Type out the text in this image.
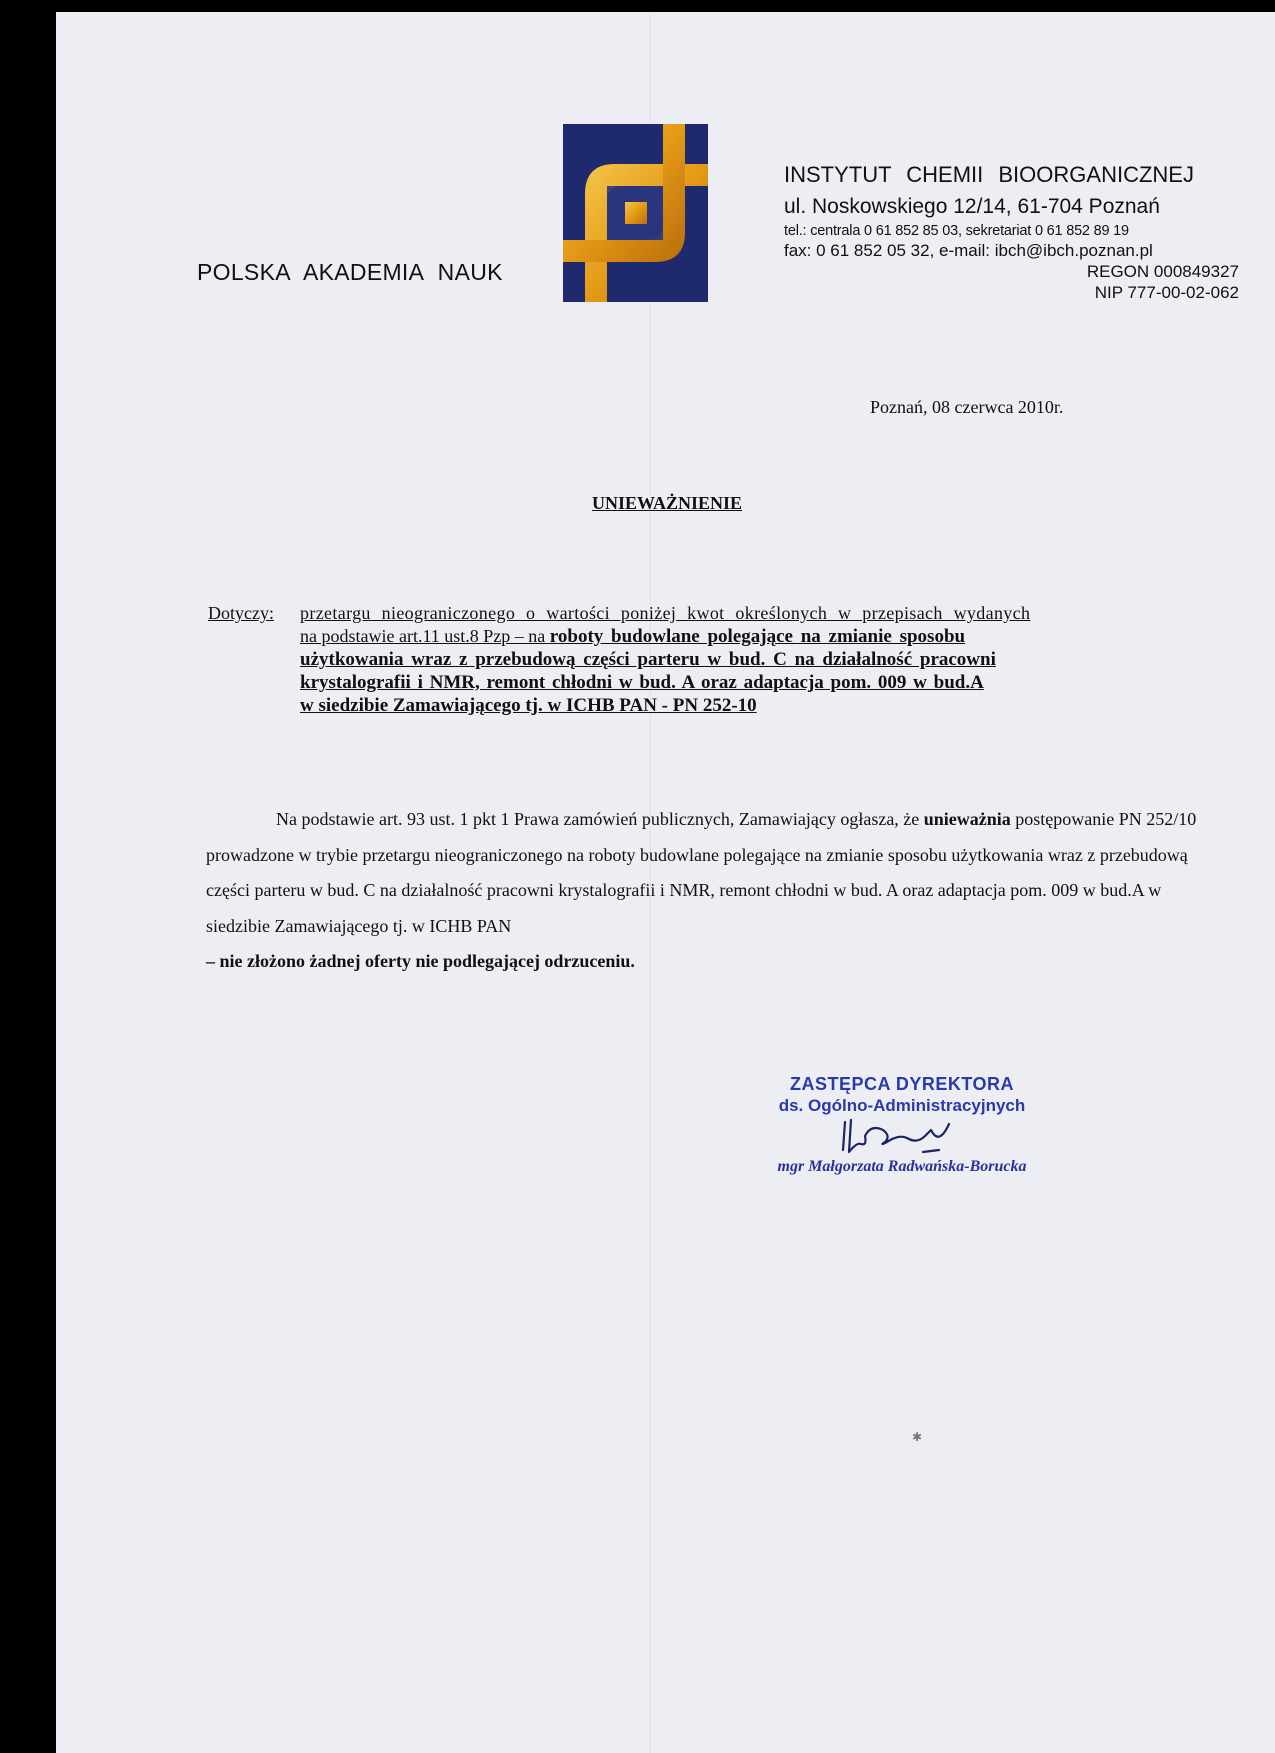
POLSKA AKADEMIA NAUK
INSTYTUT CHEMII BIOORGANICZNEJ
ul. Noskowskiego 12/14, 61-704 Poznań
tel.: centrala 0 61 852 85 03, sekretariat 0 61 852 89 19
fax: 0 61 852 05 32, e-mail: ibch@ibch.poznan.pl
REGON 000849327
NIP 777-00-02-062
Poznań, 08 czerwca 2010r.
UNIEWAŻNIENIE
Dotyczy:	przetargu nieograniczonego o wartości poniżej kwot określonych w przepisach wydanych
na podstawie art.11 ust.8 Pzp – na roboty budowlane polegające na zmianie sposobu
użytkowania wraz z przebudową części parteru w bud. C na działalność pracowni
krystalografii i NMR, remont chłodni w bud. A oraz adaptacja pom. 009 w bud.A
w siedzibie Zamawiającego tj. w ICHB PAN - PN 252-10

Na podstawie art. 93 ust. 1 pkt 1 Prawa zamówień publicznych, Zamawiający ogłasza, że unieważnia postępowanie PN 252/10 prowadzone w trybie przetargu nieograniczonego na roboty budowlane polegające na zmianie sposobu użytkowania wraz z przebudową części parteru w bud. C na działalność pracowni krystalografii i NMR, remont chłodni w bud. A oraz adaptacja pom. 009 w bud.A w siedzibie Zamawiającego tj. w ICHB PAN
– nie złożono żadnej oferty nie podlegającej odrzuceniu.

ZASTĘPCA DYREKTORA
ds. Ogólno-Administracyjnych
mgr Małgorzata Radwańska-Borucka
✱
